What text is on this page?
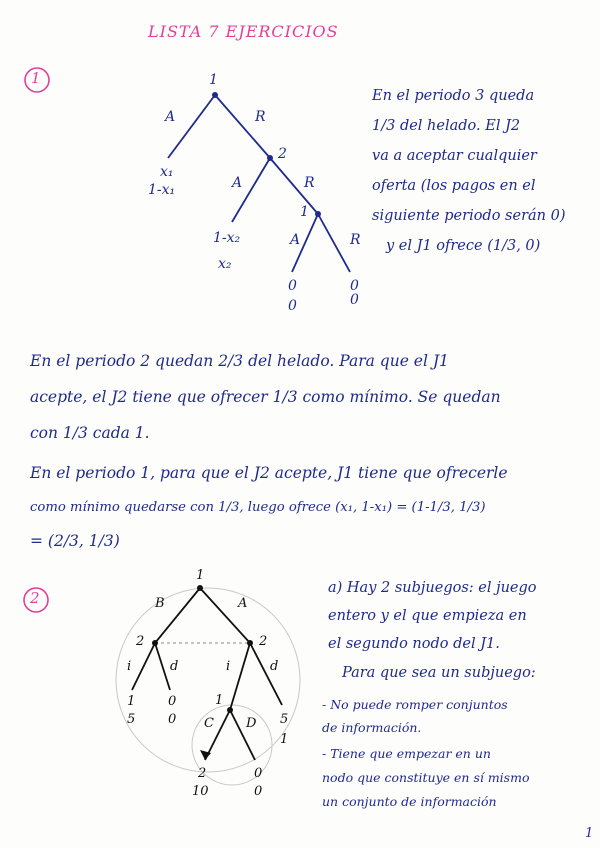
LISTA 7 EJERCICIOS
1
2
1
A	R
A	R
A	R
x₁
1-x₁
1-x₂
x₂
0
0
0
0
1
B	A
2	2
i	d	i	d
1
C D
1
5
0
0	5
1
2
10
0
0
1
2
En el periodo 3 queda
1/3 del helado. El J2
va a aceptar cualquier
oferta (los pagos en el
siguiente periodo serán 0)
y el J1 ofrece (1/3, 0)
En el periodo 2 quedan 2/3 del helado. Para que el J1
acepte, el J2 tiene que ofrecer 1/3 como mínimo. Se quedan
con 1/3 cada 1.
En el periodo 1, para que el J2 acepte, J1 tiene que ofrecerle
como mínimo quedarse con 1/3, luego ofrece (x₁, 1-x₁) = (1-1/3, 1/3)
= (2/3, 1/3)
a) Hay 2 subjuegos: el juego
entero y el que empieza en
el segundo nodo del J1.
Para que sea un subjuego:
- No puede romper conjuntos
de información.
- Tiene que empezar en un
nodo que constituye en sí mismo
un conjunto de información
1
